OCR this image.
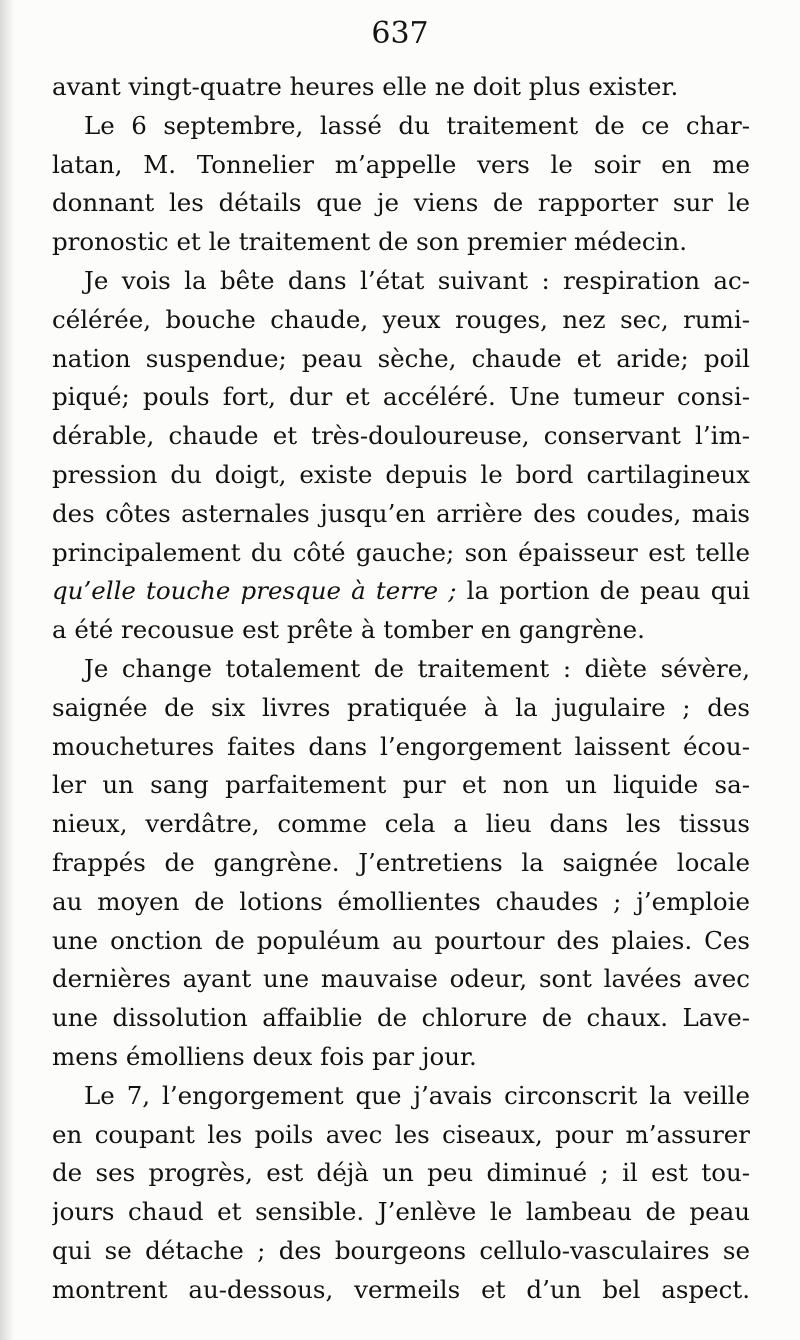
637
avant vingt-quatre heures elle ne doit plus exister.
Le 6 septembre, lassé du traitement de ce char-
latan, M. Tonnelier m’appelle vers le soir en me
donnant les détails que je viens de rapporter sur le
pronostic et le traitement de son premier médecin.
Je vois la bête dans l’état suivant : respiration ac-
célérée, bouche chaude, yeux rouges, nez sec, rumi-
nation suspendue; peau sèche, chaude et aride; poil
piqué; pouls fort, dur et accéléré. Une tumeur consi-
dérable, chaude et très-douloureuse, conservant l’im-
pression du doigt, existe depuis le bord cartilagineux
des côtes asternales jusqu’en arrière des coudes, mais
principalement du côté gauche; son épaisseur est telle
qu’elle touche presque à terre ; la portion de peau qui
a été recousue est prête à tomber en gangrène.
Je change totalement de traitement : diète sévère,
saignée de six livres pratiquée à la jugulaire ; des
mouchetures faites dans l’engorgement laissent écou-
ler un sang parfaitement pur et non un liquide sa-
nieux, verdâtre, comme cela a lieu dans les tissus
frappés de gangrène. J’entretiens la saignée locale
au moyen de lotions émollientes chaudes ; j’emploie
une onction de populéum au pourtour des plaies. Ces
dernières ayant une mauvaise odeur, sont lavées avec
une dissolution affaiblie de chlorure de chaux. Lave-
mens émolliens deux fois par jour.
Le 7, l’engorgement que j’avais circonscrit la veille
en coupant les poils avec les ciseaux, pour m’assurer
de ses progrès, est déjà un peu diminué ; il est tou-
jours chaud et sensible. J’enlève le lambeau de peau
qui se détache ; des bourgeons cellulo-vasculaires se
montrent au-dessous, vermeils et d’un bel aspect.
